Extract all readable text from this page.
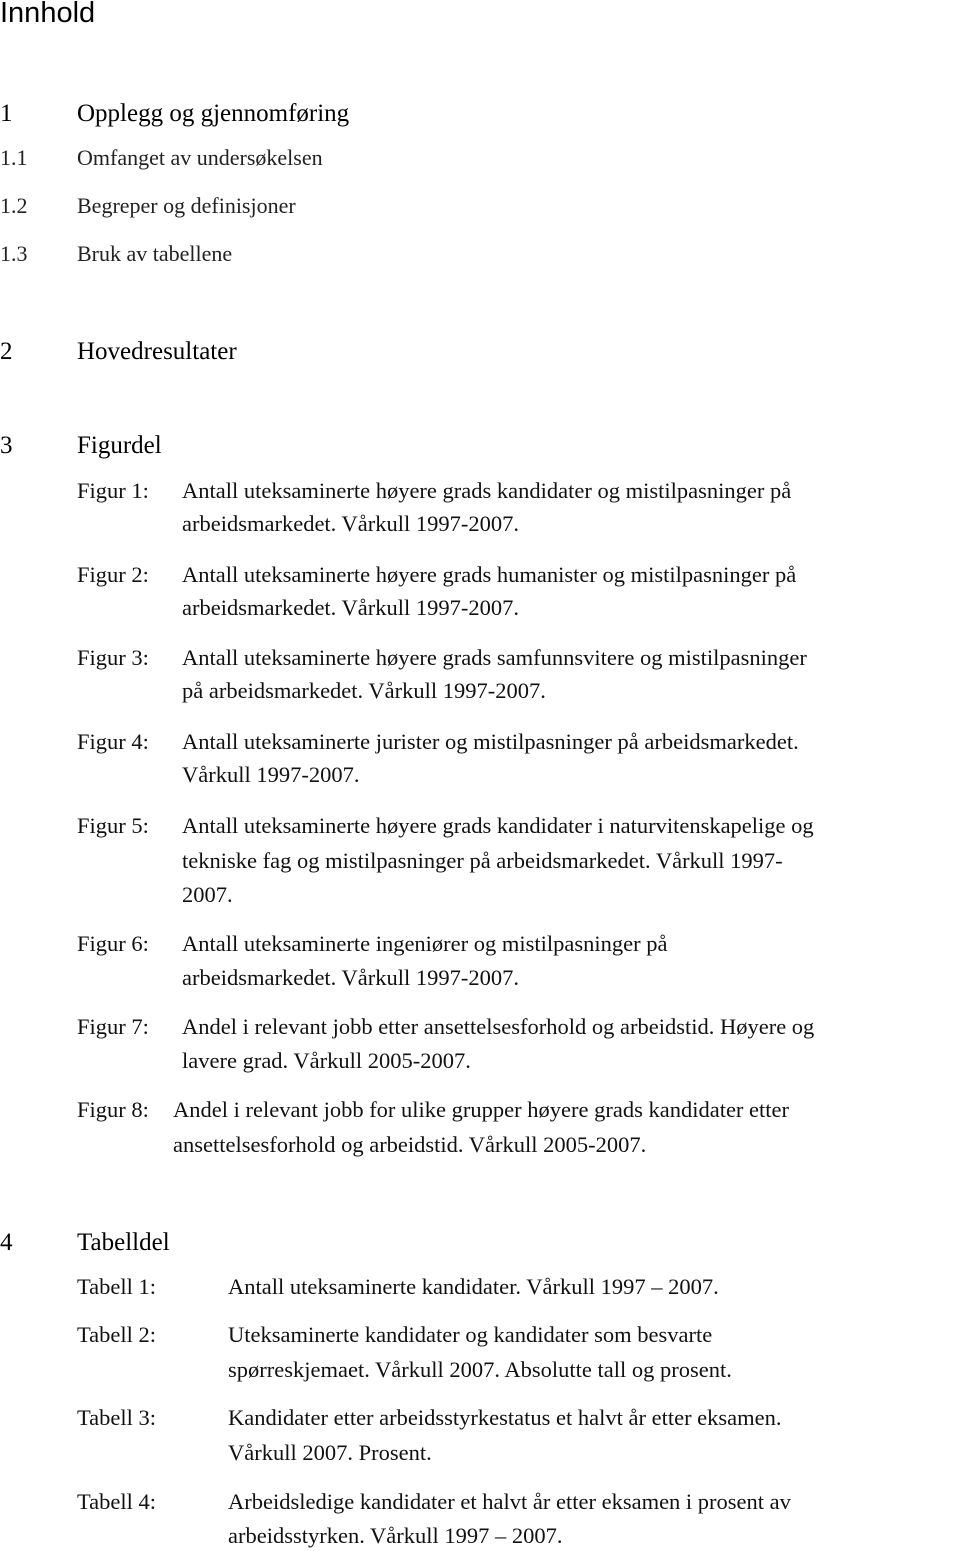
Innhold
1	Opplegg og gjennomføring
1.1 Omfanget av undersøkelsen
1.2 Begreper og definisjoner
1.3 Bruk av tabellene
2	Hovedresultater
3	Figurdel
Figur 1: Antall uteksaminerte høyere grads kandidater og mistilpasninger på
arbeidsmarkedet. Vårkull 1997-2007.
Figur 2: Antall uteksaminerte høyere grads humanister og mistilpasninger på
arbeidsmarkedet. Vårkull 1997-2007.
Figur 3: Antall uteksaminerte høyere grads samfunnsvitere og mistilpasninger
på arbeidsmarkedet. Vårkull 1997-2007.
Figur 4: Antall uteksaminerte jurister og mistilpasninger på arbeidsmarkedet.
Vårkull 1997-2007.
Figur 5: Antall uteksaminerte høyere grads kandidater i naturvitenskapelige og
tekniske fag og mistilpasninger på arbeidsmarkedet. Vårkull 1997-
2007.
Figur 6: Antall uteksaminerte ingeniører og mistilpasninger på
arbeidsmarkedet. Vårkull 1997-2007.
Figur 7: Andel i relevant jobb etter ansettelsesforhold og arbeidstid. Høyere og
lavere grad. Vårkull 2005-2007.
Figur 8: Andel i relevant jobb for ulike grupper høyere grads kandidater etter
ansettelsesforhold og arbeidstid. Vårkull 2005-2007.
4	Tabelldel
Tabell 1:	Antall uteksaminerte kandidater. Vårkull 1997 – 2007.
Tabell 2:	Uteksaminerte kandidater og kandidater som besvarte
spørreskjemaet. Vårkull 2007. Absolutte tall og prosent.
Tabell 3:	Kandidater etter arbeidsstyrkestatus et halvt år etter eksamen.
Vårkull 2007. Prosent.
Tabell 4:	Arbeidsledige kandidater et halvt år etter eksamen i prosent av
arbeidsstyrken. Vårkull 1997 – 2007.
